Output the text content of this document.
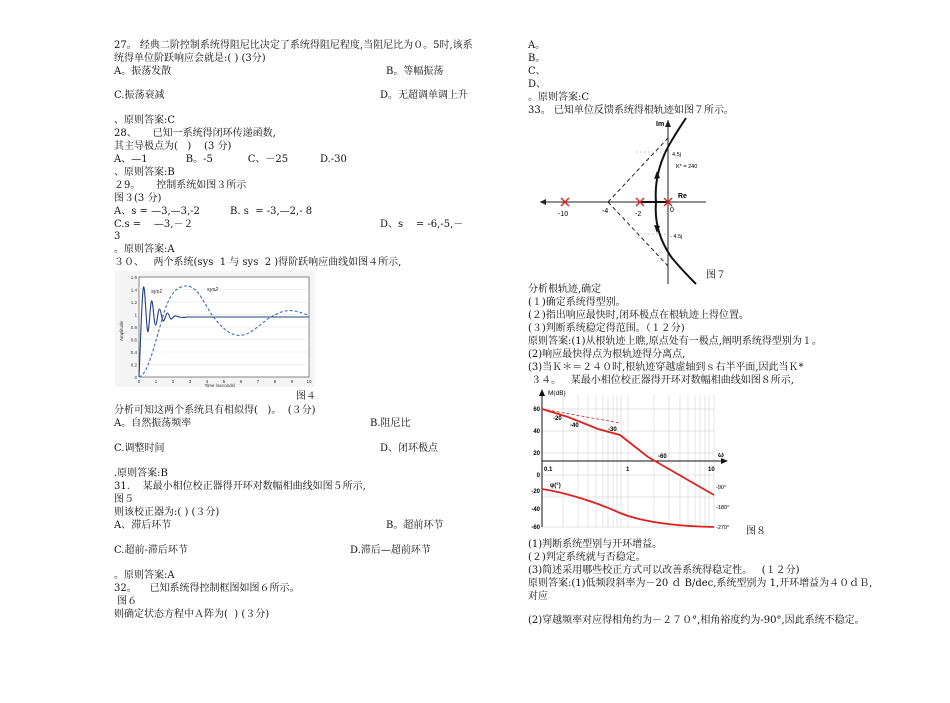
27。 经典二阶控制系统得阻尼比决定了系统得阻尼程度,当阻尼比为０。5时,该系
统得单位阶跃响应会就是:( ) (3分)
A。振荡发散	B。等幅振荡
C.振荡衰减	D。无超调单调上升
、原则答案:C
28、     已知一系统得闭环传递函数,
其主导极点为(   )    (3 分)
A、—1            B。-5           C、－25          D.-30
、原则答案:B
２9。     控制系统如图３所示
图３(3 分)
A、s = —3,—3,-2	B. s  = -3,—2,- 8
C.s =    —3,－２	D、s    = -6,-5,－
3
。原则答案:A
３０、   两个系统(sys  1 与 sys  2 )得阶跃响应曲线如图４所示,
0
0.2
0.4
0.6
0.8
1
1.2
1.4
1.6
0	1	2	3	4	5	6	7	8	9	10
Time (seconds)
Amplitude
sys1	sys2
图４
分析可知这两个系统具有相似得(   )。  (３分)
A。自然振荡频率	B.阻尼比
C.调整时间	D、闭环极点
.原则答案:B
31.    某最小相位校正器得开环对数幅相曲线如图５所示,
图５
则该校正器为:( ) (３分)
A、滞后环节	B。超前环节
C.超前-滞后环节	D.滞后—超前环节
。原则答案:A
32。    已知系统得控制框图如图６所示。
图６
则确定状态方程中Ａ阵为(  ) (３分)
A。
B。
C、
D、
。原则答案:C
33。 已知单位反馈系统得根轨迹如图７所示。
Im
Re
-10	-4	-2
0
4.5j
K* = 240
- 4.5j
图７
分析根轨迹,确定
(１)确定系统得型别。
(２)指出响应最快时,闭环极点在根轨迹上得位置。
(３)判断系统稳定得范围。（１２分)
原则答案:(1)从根轨迹上瞧,原点处有一极点,阐明系统得型别为１。
(2)响应最快得点为根轨迹得分离点,
(3)当Ｋ＊＝２４０时,根轨迹穿越虚轴到ｓ右半平面,因此当Ｋ*
３４。   某最小相位校正器得开环对数幅相曲线如图８所示,
M(dB)
ω
60
40
20
0
-20
-40
-60
0.1	1	10
φ(°)
-20
-40
-30
-60
-90°
-180°
-270° 图８
(1)判断系统型别与开环增益。
(２)判定系统就与否稳定。
(3)简述采用哪些校正方式可以改善系统得稳定性。   (１２分)
原则答案:(1)低频段斜率为－20 ｄ B/dec,系统型别为 1,开环增益为４０ｄＢ,
对应
(2)穿越频率对应得相角约为－２７０°,相角裕度约为-90°,因此系统不稳定。
